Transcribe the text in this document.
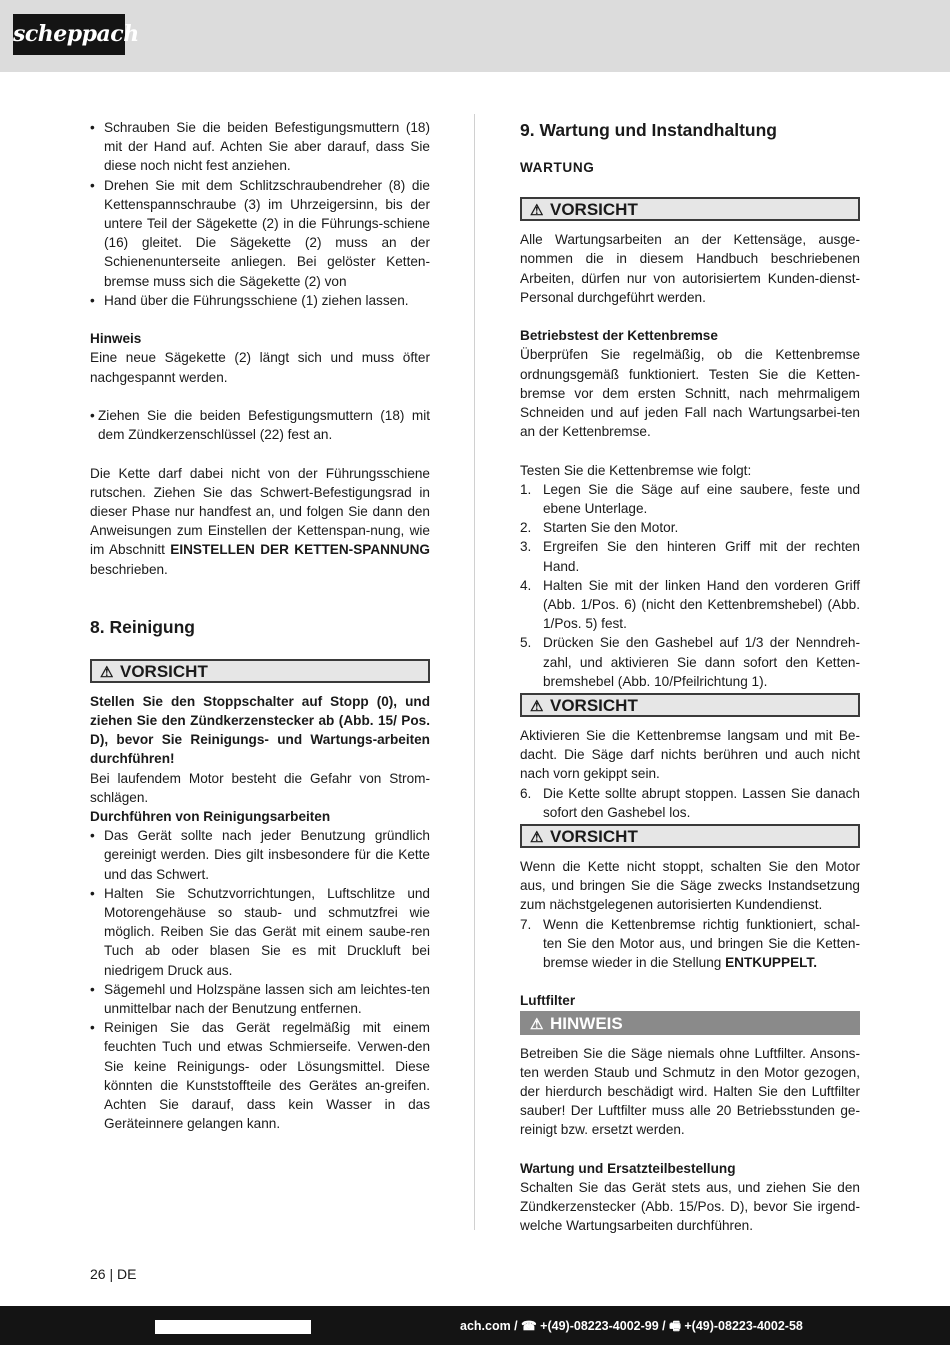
scheppach

• Schrauben Sie die beiden Befestigungsmuttern (18) mit der Hand auf. Achten Sie aber darauf, dass Sie diese noch nicht fest anziehen.

• Drehen Sie mit dem Schlitzschraubendreher (8) die Kettenspannschraube (3) im Uhrzeigersinn, bis der untere Teil der Sägekette (2) in die Führungs-schiene (16) gleitet. Die Sägekette (2) muss an der Schienenunterseite anliegen. Bei gelöster Ketten-bremse muss sich die Sägekette (2) von

• Hand über die Führungsschiene (1) ziehen lassen.

Hinweis

Eine neue Sägekette (2) längt sich und muss öfter nachgespannt werden.

• Ziehen Sie die beiden Befestigungsmuttern (18) mit dem Zündkerzenschlüssel (22) fest an.

Die Kette darf dabei nicht von der Führungsschiene rutschen. Ziehen Sie das Schwert-Befestigungsrad in dieser Phase nur handfest an, und folgen Sie dann den Anweisungen zum Einstellen der Kettenspan-nung, wie im Abschnitt EINSTELLEN DER KETTEN-SPANNUNG beschrieben.

8. Reinigung

⚠ VORSICHT

Stellen Sie den Stoppschalter auf Stopp (0), und ziehen Sie den Zündkerzenstecker ab (Abb. 15/ Pos. D), bevor Sie Reinigungs- und Wartungs-arbeiten durchführen!

Bei laufendem Motor besteht die Gefahr von Strom-schlägen.

Durchführen von Reinigungsarbeiten

• Das Gerät sollte nach jeder Benutzung gründlich gereinigt werden. Dies gilt insbesondere für die Kette und das Schwert.

• Halten Sie Schutzvorrichtungen, Luftschlitze und Motorengehäuse so staub- und schmutzfrei wie möglich. Reiben Sie das Gerät mit einem saube-ren Tuch ab oder blasen Sie es mit Druckluft bei niedrigem Druck aus.

• Sägemehl und Holzspäne lassen sich am leichtes-ten unmittelbar nach der Benutzung entfernen.

• Reinigen Sie das Gerät regelmäßig mit einem feuchten Tuch und etwas Schmierseife. Verwen-den Sie keine Reinigungs- oder Lösungsmittel. Diese könnten die Kunststoffteile des Gerätes an-greifen. Achten Sie darauf, dass kein Wasser in das Geräteinnere gelangen kann.

9. Wartung und Instandhaltung

WARTUNG

⚠ VORSICHT

Alle Wartungsarbeiten an der Kettensäge, ausge-nommen die in diesem Handbuch beschriebenen Arbeiten, dürfen nur von autorisiertem Kunden-dienst-Personal durchgeführt werden.

Betriebstest der Kettenbremse

Überprüfen Sie regelmäßig, ob die Kettenbremse ordnungsgemäß funktioniert. Testen Sie die Ketten-bremse vor dem ersten Schnitt, nach mehrmaligem Schneiden und auf jeden Fall nach Wartungsarbei-ten an der Kettenbremse.

Testen Sie die Kettenbremse wie folgt:

1. Legen Sie die Säge auf eine saubere, feste und ebene Unterlage.

2. Starten Sie den Motor.

3. Ergreifen Sie den hinteren Griff mit der rechten Hand.

4. Halten Sie mit der linken Hand den vorderen Griff (Abb. 1/Pos. 6) (nicht den Kettenbremshebel) (Abb. 1/Pos. 5) fest.

5. Drücken Sie den Gashebel auf 1/3 der Nenndreh-zahl, und aktivieren Sie dann sofort den Ketten-bremshebel (Abb. 10/Pfeilrichtung 1).

⚠ VORSICHT

Aktivieren Sie die Kettenbremse langsam und mit Be-dacht. Die Säge darf nichts berühren und auch nicht nach vorn gekippt sein.

6. Die Kette sollte abrupt stoppen. Lassen Sie danach sofort den Gashebel los.

⚠ VORSICHT

Wenn die Kette nicht stoppt, schalten Sie den Motor aus, und bringen Sie die Säge zwecks Instandsetzung zum nächstgelegenen autorisierten Kundendienst.

7. Wenn die Kettenbremse richtig funktioniert, schal-ten Sie den Motor aus, und bringen Sie die Ketten-bremse wieder in die Stellung ENTKUPPELT.

Luftfilter

⚠ HINWEIS

Betreiben Sie die Säge niemals ohne Luftfilter. Ansons-ten werden Staub und Schmutz in den Motor gezogen, der hierdurch beschädigt wird. Halten Sie den Luftfilter sauber! Der Luftfilter muss alle 20 Betriebsstunden ge-reinigt bzw. ersetzt werden.

Wartung und Ersatzteilbestellung

Schalten Sie das Gerät stets aus, und ziehen Sie den Zündkerzenstecker (Abb. 15/Pos. D), bevor Sie irgend-welche Wartungsarbeiten durchführen.

26 | DE
ach.com / ☎ +(49)-08223-4002-99 / 🖷 +(49)-08223-4002-58
